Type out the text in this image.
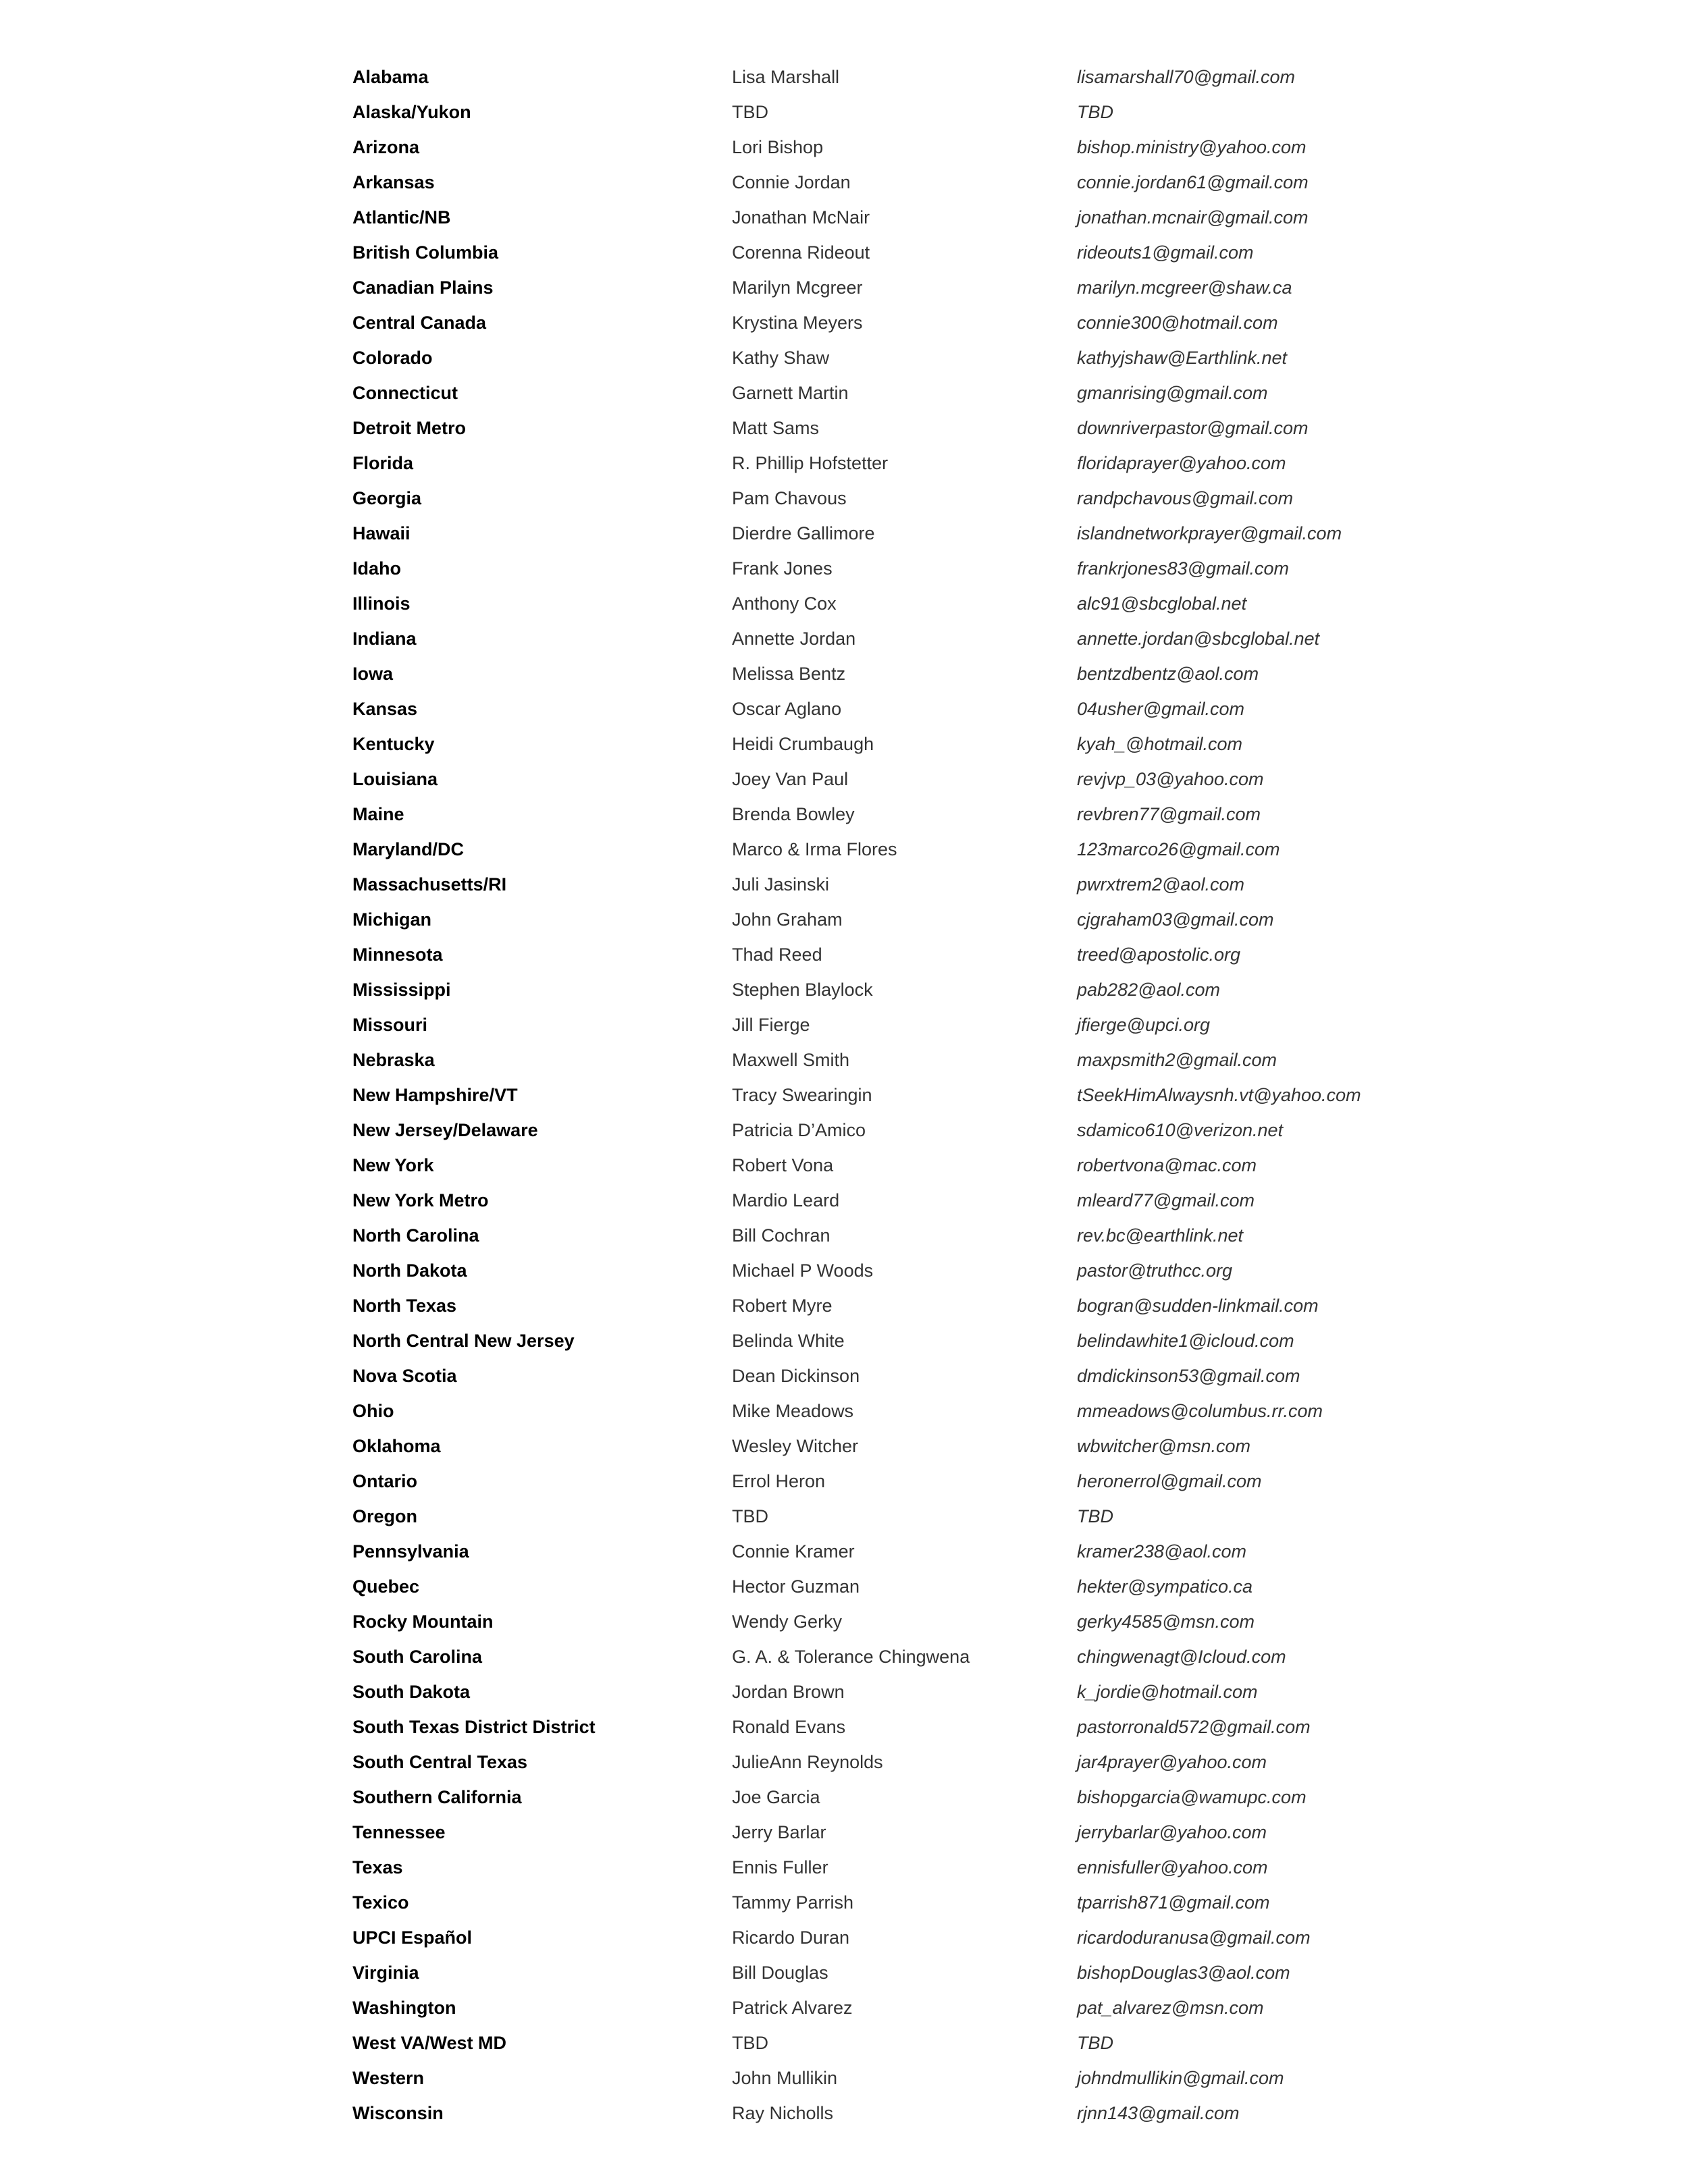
Alabama	Lisa Marshall	lisamarshall70@gmail.com
Alaska/Yukon	TBD	TBD
Arizona	Lori Bishop	bishop.ministry@yahoo.com
Arkansas	Connie Jordan	connie.jordan61@gmail.com
Atlantic/NB	Jonathan McNair	jonathan.mcnair@gmail.com
British Columbia	Corenna Rideout	rideouts1@gmail.com
Canadian Plains	Marilyn Mcgreer	marilyn.mcgreer@shaw.ca
Central Canada	Krystina Meyers	connie300@hotmail.com
Colorado	Kathy Shaw	kathyjshaw@Earthlink.net
Connecticut	Garnett Martin	gmanrising@gmail.com
Detroit Metro	Matt Sams	downriverpastor@gmail.com
Florida	R. Phillip Hofstetter	floridaprayer@yahoo.com
Georgia	Pam Chavous	randpchavous@gmail.com
Hawaii	Dierdre Gallimore	islandnetworkprayer@gmail.com
Idaho	Frank Jones	frankrjones83@gmail.com
Illinois	Anthony Cox	alc91@sbcglobal.net
Indiana	Annette Jordan	annette.jordan@sbcglobal.net
Iowa	Melissa Bentz	bentzdbentz@aol.com
Kansas	Oscar Aglano	04usher@gmail.com
Kentucky	Heidi Crumbaugh	kyah_@hotmail.com
Louisiana	Joey Van Paul	revjvp_03@yahoo.com
Maine	Brenda Bowley	revbren77@gmail.com
Maryland/DC	Marco & Irma Flores	123marco26@gmail.com
Massachusetts/RI	Juli Jasinski	pwrxtrem2@aol.com
Michigan	John Graham	cjgraham03@gmail.com
Minnesota	Thad Reed	treed@apostolic.org
Mississippi	Stephen Blaylock	pab282@aol.com
Missouri	Jill Fierge	jfierge@upci.org
Nebraska	Maxwell Smith	maxpsmith2@gmail.com
New Hampshire/VT	Tracy Swearingin	tSeekHimAlwaysnh.vt@yahoo.com
New Jersey/Delaware	Patricia D’Amico	sdamico610@verizon.net
New York	Robert Vona	robertvona@mac.com
New York Metro	Mardio Leard	mleard77@gmail.com
North Carolina	Bill Cochran	rev.bc@earthlink.net
North Dakota	Michael P Woods	pastor@truthcc.org
North Texas	Robert Myre	bogran@sudden-linkmail.com
North Central New Jersey	Belinda White	belindawhite1@icloud.com
Nova Scotia	Dean Dickinson	dmdickinson53@gmail.com
Ohio	Mike Meadows	mmeadows@columbus.rr.com
Oklahoma	Wesley Witcher	wbwitcher@msn.com
Ontario	Errol Heron	heronerrol@gmail.com
Oregon	TBD	TBD
Pennsylvania	Connie Kramer	kramer238@aol.com
Quebec	Hector Guzman	hekter@sympatico.ca
Rocky Mountain	Wendy Gerky	gerky4585@msn.com
South Carolina	G. A. & Tolerance Chingwena	chingwenagt@Icloud.com
South Dakota	Jordan Brown	k_jordie@hotmail.com
South Texas District District	Ronald Evans	pastorronald572@gmail.com
South Central Texas	JulieAnn Reynolds	jar4prayer@yahoo.com
Southern California	Joe Garcia	bishopgarcia@wamupc.com
Tennessee	Jerry Barlar	jerrybarlar@yahoo.com
Texas	Ennis Fuller	ennisfuller@yahoo.com
Texico	Tammy Parrish	tparrish871@gmail.com
UPCI Español	Ricardo Duran	ricardoduranusa@gmail.com
Virginia	Bill Douglas	bishopDouglas3@aol.com
Washington	Patrick Alvarez	pat_alvarez@msn.com
West VA/West MD	TBD	TBD
Western	John Mullikin	johndmullikin@gmail.com
Wisconsin	Ray Nicholls	rjnn143@gmail.com
